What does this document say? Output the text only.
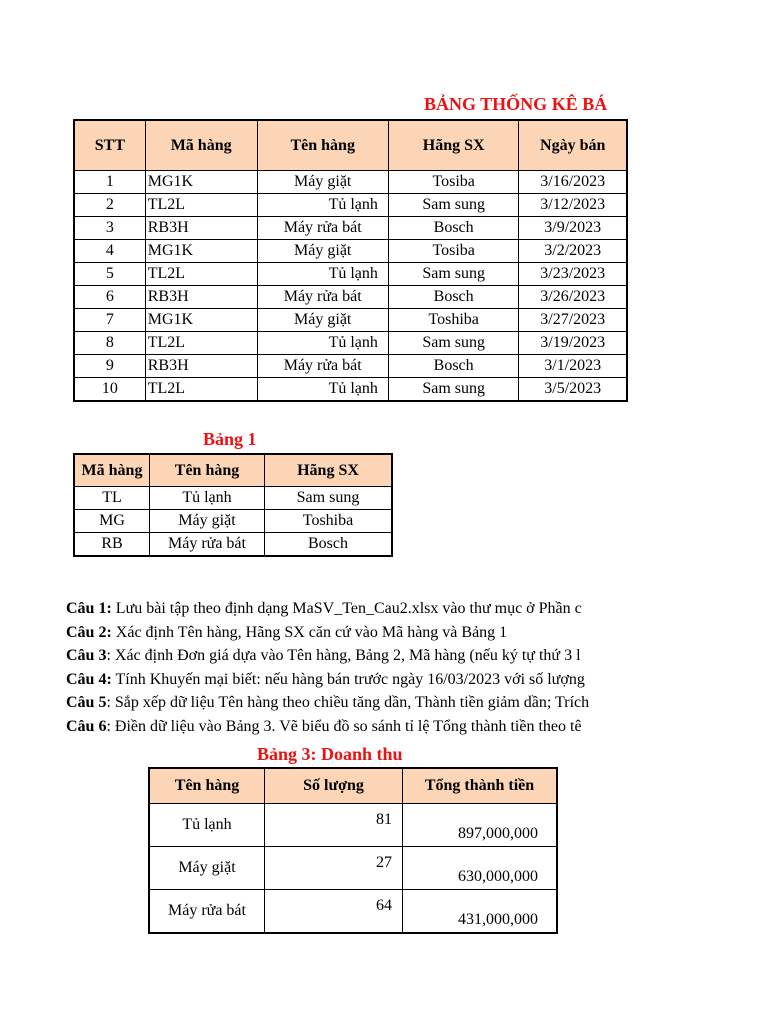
BẢNG THỐNG KÊ BÁ
STT	Mã hàng	Tên hàng	Hãng SX	Ngày bán
1	MG1K	Máy giặt	Tosiba	3/16/2023
2	TL2L	Tủ lạnh	Sam sung	3/12/2023
3	RB3H	Máy rửa bát	Bosch	3/9/2023
4	MG1K	Máy giặt	Tosiba	3/2/2023
5	TL2L	Tủ lạnh	Sam sung	3/23/2023
6	RB3H	Máy rửa bát	Bosch	3/26/2023
7	MG1K	Máy giặt	Toshiba	3/27/2023
8	TL2L	Tủ lạnh	Sam sung	3/19/2023
9	RB3H	Máy rửa bát	Bosch	3/1/2023
10	TL2L	Tủ lạnh	Sam sung	3/5/2023
Bảng 1
Mã hàng	Tên hàng	Hãng SX
TL	Tủ lạnh	Sam sung
MG	Máy giặt	Toshiba
RB	Máy rửa bát	Bosch
Câu 1: Lưu bài tập theo định dạng MaSV_Ten_Cau2.xlsx vào thư mục ở Phần c
Câu 2: Xác định Tên hàng, Hãng SX căn cứ vào Mã hàng và Bảng 1
Câu 3: Xác định Đơn giá dựa vào Tên hàng, Bảng 2, Mã hàng (nếu ký tự thứ 3 l
Câu 4: Tính Khuyến mại biết: nếu hàng bán trước ngày 16/03/2023 với số lượng
Câu 5: Sắp xếp dữ liệu Tên hàng theo chiều tăng dần, Thành tiền giảm dần; Trích
Câu 6: Điền dữ liệu vào Bảng 3. Vẽ biểu đồ so sánh tỉ lệ Tổng thành tiền theo tê
Bảng 3: Doanh thu
Tên hàng	Số lượng	Tổng thành tiền
Tủ lạnh	81	897,000,000
Máy giặt	27	630,000,000
Máy rửa bát	64	431,000,000
